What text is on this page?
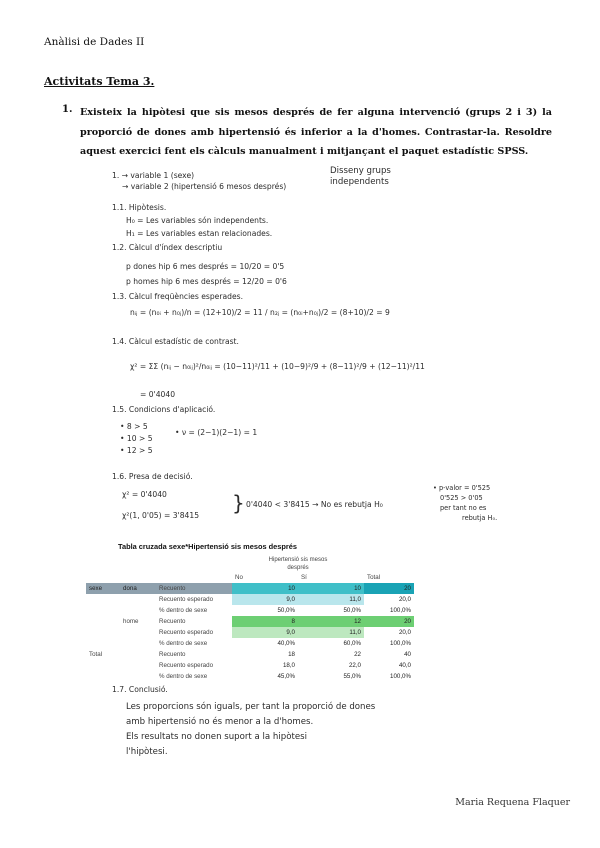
Anàlisi de Dades II
Activitats Tema 3.
1. Existeix la hipòtesi que sis mesos després de fer alguna intervenció (grups 2 i 3) la proporció de dones amb hipertensió és inferior a la d'homes. Contrastar-la. Resoldre aquest exercici fent els càlculs manualment i mitjançant el paquet estadístic SPSS.
1. → variable 1 (sexe)
→ variable 2 (hipertensió 6 mesos després)
Disseny grups
independents
1.1. Hipòtesis.
H₀ = Les variables són independents.
H₁ = Les variables estan relacionades.
1.2. Càlcul d'índex descriptiu
p dones hip 6 mes després = 10/20 = 0'5
p homes hip 6 mes després = 12/20 = 0'6
1.3. Càlcul freqüències esperades.
nᵢⱼ = (n₀ᵢ + n₀ⱼ)/n = (12+10)/2 = 11 / n₂ⱼ = (n₀ᵢ+n₀ⱼ)/2 = (8+10)/2 = 9
1.4. Càlcul estadístic de contrast.
χ² = ΣΣ (nᵢⱼ − n₀ᵢⱼ)²/n₀ᵢⱼ = (10−11)²/11 + (10−9)²/9 + (8−11)²/9 + (12−11)²/11
= 0'4040
1.5. Condicions d'aplicació.
• 8 > 5
• 10 > 5
• 12 > 5
• ν = (2−1)(2−1) = 1
1.6. Presa de decisió.
χ² = 0'4040
χ²(1, 0'05) = 3'8415
} 0'4040 < 3'8415 → No es rebutja H₀
• p-valor = 0'525
0'525 > 0'05
per tant no es
rebutja H₀.
Tabla cruzada sexe*Hipertensió sis mesos després
			Hipertensió sis mesos
després		
			No	Sí	Total
sexe	dona	Recuento	10	10	20
		Recuento esperado	9,0	11,0	20,0
		% dentro de sexe	50,0%	50,0%	100,0%
	home	Recuento	8	12	20
		Recuento esperado	9,0	11,0	20,0
		% dentro de sexe	40,0%	60,0%	100,0%
Total		Recuento	18	22	40
		Recuento esperado	18,0	22,0	40,0
		% dentro de sexe	45,0%	55,0%	100,0%
1.7. Conclusió.
Les proporcions són iguals, per tant la proporció de dones
amb hipertensió no és menor a la d'homes.
Els resultats no donen suport a la hipòtesi
l'hipòtesi.
Maria Requena Flaquer
